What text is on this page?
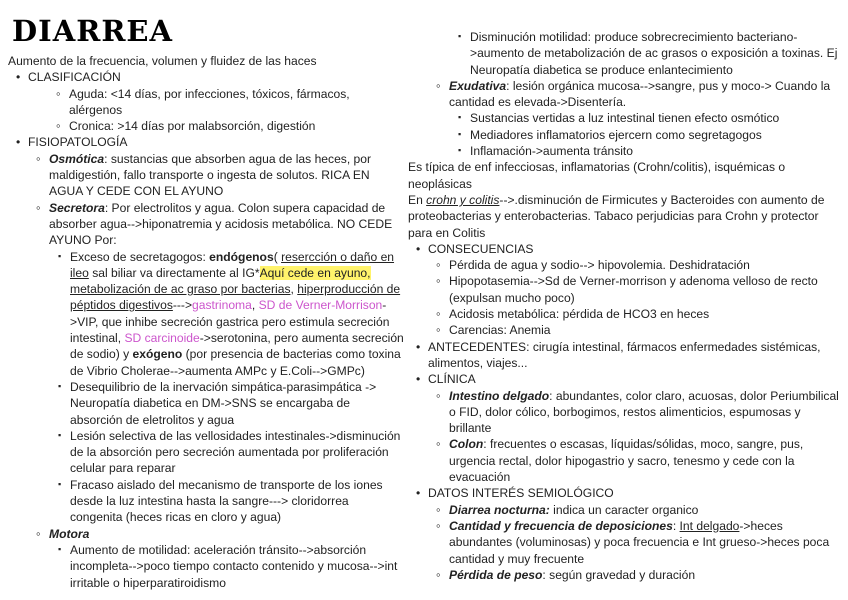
DIARREA

Aumento de la frecuencia, volumen y fluidez de las haces

• CLASIFICACIÓN
◦ Aguda: <14 días, por infecciones, tóxicos, fármacos, alérgenos
◦ Cronica: >14 días por malabsorción, digestión
• FISIOPATOLOGÍA
◦ Osmótica: sustancias que absorben agua de las heces, por maldigestión, fallo transporte o ingesta de solutos. RICA EN AGUA Y CEDE CON EL AYUNO
◦ Secretora: Por electrolitos y agua. Colon supera capacidad de absorber agua-->hiponatremia y acidosis metabólica. NO CEDE AYUNO Por:
▪ Exceso de secretagogos: endógenos( resercción o daño en ileo sal biliar va directamente al IG*Aquí cede en ayuno, metabolización de ac graso por bacterias, hiperproducción de péptidos digestivos--->gastrinoma, SD de Verner-Morrison->VIP, que inhibe secreción gastrica pero estimula secreción intestinal, SD carcinoide->serotonina, pero aumenta secreción de sodio) y exógeno (por presencia de bacterias como toxina de Vibrio Cholerae-->aumenta AMPc y E.Coli-->GMPc)
▪ Desequilibrio de la inervación simpática-parasimpática -> Neuropatía diabetica en DM->SNS se encargaba de absorción de eletrolitos y agua
▪ Lesión selectiva de las vellosidades intestinales->disminución de la absorción pero secreción aumentada por proliferación celular para reparar
▪ Fracaso aislado del mecanismo de transporte de los iones desde la luz intestina hasta la sangre---> cloridorrea congenita (heces ricas en cloro y agua)
◦ Motora
▪ Aumento de motilidad: aceleración tránsito-->absorción incompleta-->poco tiempo contacto contenido y mucosa-->int irritable o hiperparatiroidismo
▪ Disminución motilidad: produce sobrecrecimiento bacteriano->aumento de metabolización de ac grasos o exposición a toxinas. Ej Neuropatía diabetica se produce enlantecimiento
◦ Exudativa: lesión orgánica mucosa-->sangre, pus y moco-> Cuando la cantidad es elevada->Disentería.
▪ Sustancias vertidas a luz intestinal tienen efecto osmótico
▪ Mediadores inflamatorios ejercern como segretagogos
▪ Inflamación->aumenta tránsito

Es típica de enf infecciosas, inflamatorias (Crohn/colitis), isquémicas o neoplásicas

En crohn y colitis-->.disminución de Firmicutes y Bacteroides con aumento de proteobacterias y enterobacterias. Tabaco perjudicias para Crohn y protector para en Colitis

• CONSECUENCIAS
◦ Pérdida de agua y sodio--> hipovolemia. Deshidratación
◦ Hipopotasemia-->Sd de Verner-morrison y adenoma velloso de recto (expulsan mucho poco)
◦ Acidosis metabólica: pérdida de HCO3 en heces
◦ Carencias: Anemia
• ANTECEDENTES: cirugía intestinal, fármacos enfermedades sistémicas, alimentos, viajes...
• CLÍNICA
◦ Intestino delgado: abundantes, color claro, acuosas, dolor Periumbilical o FID, dolor cólico, borbogimos, restos alimenticios, espumosas y brillante
◦ Colon: frecuentes o escasas, líquidas/sólidas, moco, sangre, pus, urgencia rectal, dolor hipogastrio y sacro, tenesmo y cede con la evacuación
• DATOS INTERÉS SEMIOLÓGICO
◦ Diarrea nocturna: indica un caracter organico
◦ Cantidad y frecuencia de deposiciones: Int delgado->heces abundantes (voluminosas) y poca frecuencia e Int grueso->heces poca cantidad y muy frecuente
◦ Pérdida de peso: según gravedad y duración
